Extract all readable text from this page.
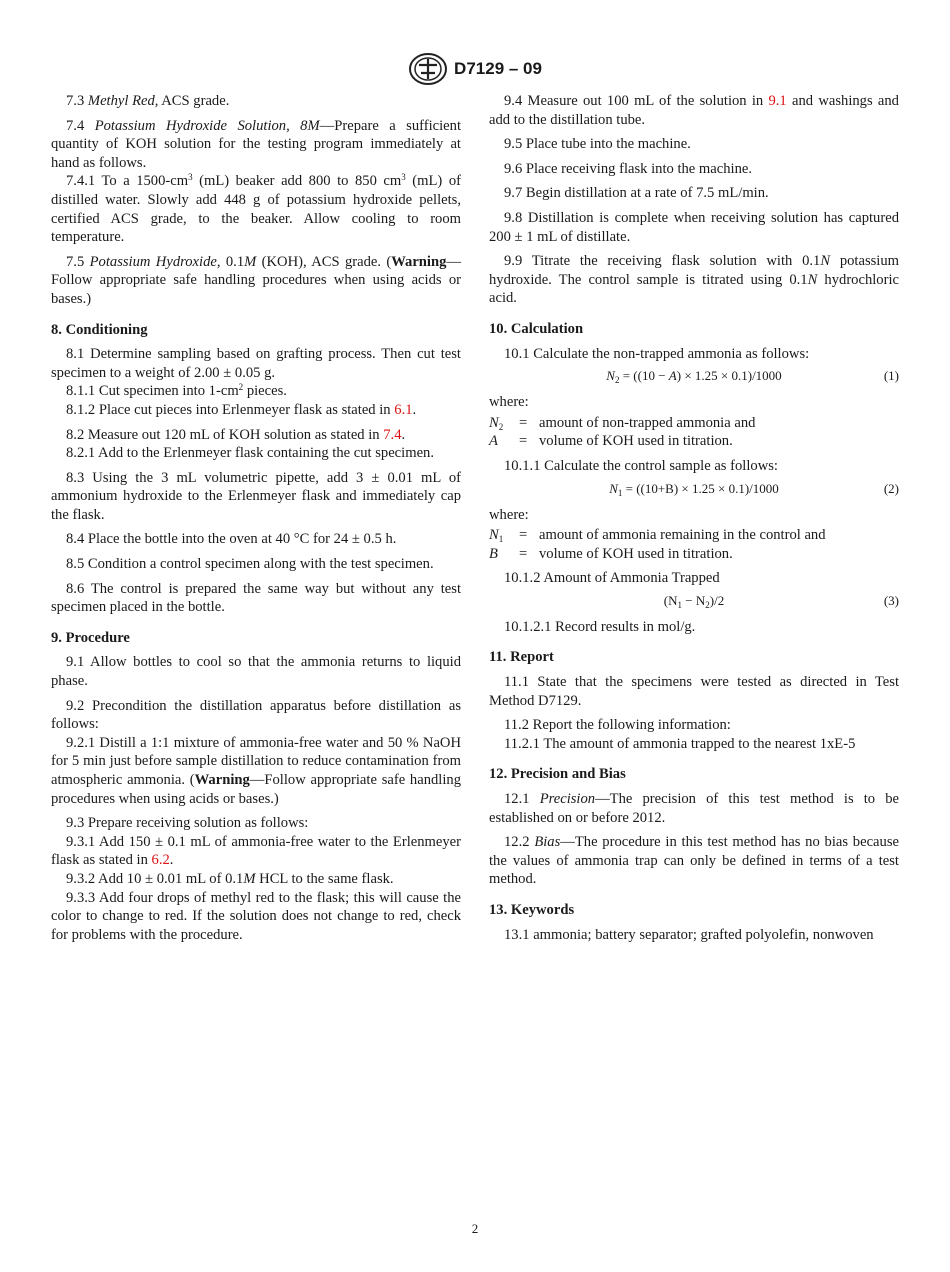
D7129 – 09

7.3 Methyl Red, ACS grade.

7.4 Potassium Hydroxide Solution, 8M—Prepare a sufficient quantity of KOH solution for the testing program immediately at hand as follows.

7.4.1 To a $1500-cm^3$ (mL) beaker add 800 to 850 $cm^3$ (mL) of distilled water. Slowly add 448 g of potassium hydroxide pellets, certified ACS grade, to the beaker. Allow cooling to room temperature.

7.5 Potassium Hydroxide, 0.1M (KOH), ACS grade. (Warning—Follow appropriate safe handling procedures when using acids or bases.)

8. Conditioning

8.1 Determine sampling based on grafting process. Then cut test specimen to a weight of 2.00 ± 0.05 g.

8.1.1 Cut specimen into $1-cm^2$ pieces.

8.1.2 Place cut pieces into Erlenmeyer flask as stated in 6.1.

8.2 Measure out 120 mL of KOH solution as stated in 7.4.

8.2.1 Add to the Erlenmeyer flask containing the cut specimen.

8.3 Using the 3 mL volumetric pipette, add 3 ± 0.01 mL of ammonium hydroxide to the Erlenmeyer flask and immediately cap the flask.

8.4 Place the bottle into the oven at 40 °C for 24 ± 0.5 h.

8.5 Condition a control specimen along with the test specimen.

8.6 The control is prepared the same way but without any test specimen placed in the bottle.

9. Procedure

9.1 Allow bottles to cool so that the ammonia returns to liquid phase.

9.2 Precondition the distillation apparatus before distillation as follows:

9.2.1 Distill a 1:1 mixture of ammonia-free water and 50 % NaOH for 5 min just before sample distillation to reduce contamination from atmospheric ammonia. (Warning—Follow appropriate safe handling procedures when using acids or bases.)

9.3 Prepare receiving solution as follows:

9.3.1 Add 150 ± 0.1 mL of ammonia-free water to the Erlenmeyer flask as stated in 6.2.

9.3.2 Add 10 ± 0.01 mL of 0.1M HCL to the same flask.

9.3.3 Add four drops of methyl red to the flask; this will cause the color to change to red. If the solution does not change to red, check for problems with the procedure.

9.4 Measure out 100 mL of the solution in 9.1 and washings and add to the distillation tube.

9.5 Place tube into the machine.

9.6 Place receiving flask into the machine.

9.7 Begin distillation at a rate of 7.5 mL/min.

9.8 Distillation is complete when receiving solution has captured 200 ± 1 mL of distillate.

9.9 Titrate the receiving flask solution with 0.1N potassium hydroxide. The control sample is titrated using 0.1N hydrochloric acid.

10. Calculation

10.1 Calculate the non-trapped ammonia as follows:

$N_2 = ((10 - A) \times 1.25 \times 0.1)/1000$	(1)

where:

$N_2$	= amount of non-trapped ammonia and
A	= volume of KOH used in titration.

10.1.1 Calculate the control sample as follows:

$N_1 = ((10+B) \times 1.25 \times 0.1)/1000$	(2)

where:

$N_1$	= amount of ammonia remaining in the control and
B	= volume of KOH used in titration.

10.1.2 Amount of Ammonia Trapped

$(N_1 - N_2)/2$	(3)

10.1.2.1 Record results in mol/g.

11. Report

11.1 State that the specimens were tested as directed in Test Method D7129.

11.2 Report the following information:

11.2.1 The amount of ammonia trapped to the nearest 1xE-5

12. Precision and Bias

12.1 Precision—The precision of this test method is to be established on or before 2012.

12.2 Bias—The procedure in this test method has no bias because the values of ammonia trap can only be defined in terms of a test method.

13. Keywords

13.1 ammonia; battery separator; grafted polyolefin, nonwoven

2
